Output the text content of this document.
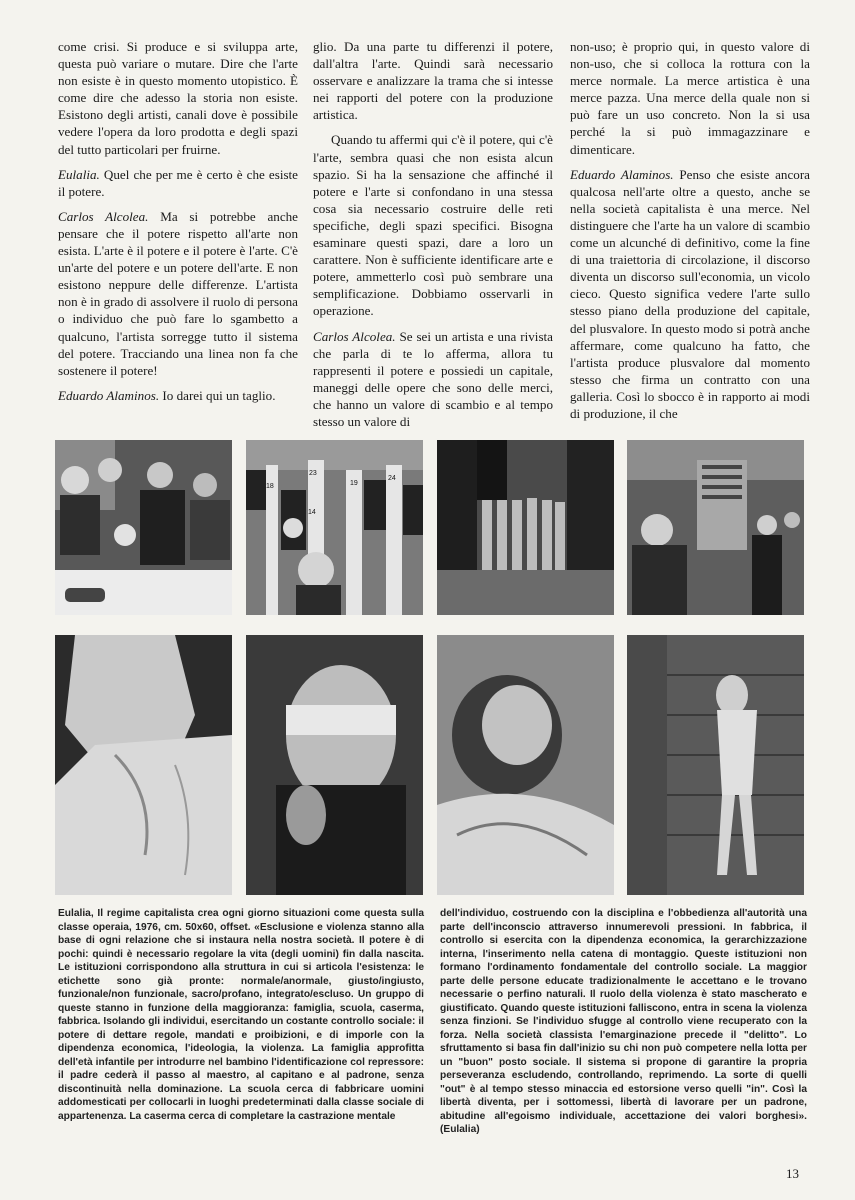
come crisi. Si produce e si sviluppa arte, questa può variare o mutare. Dire che l'arte non esiste è in questo momento utopistico. È come dire che adesso la storia non esiste. Esistono degli artisti, canali dove è possibile vedere l'opera da loro prodotta e degli spazi del tutto particolari per fruirne.

Eulalia. Quel che per me è certo è che esiste il potere.

Carlos Alcolea. Ma si potrebbe anche pensare che il potere rispetto all'arte non esista. L'arte è il potere e il potere è l'arte. C'è un'arte del potere e un potere dell'arte. E non esistono neppure delle differenze. L'artista non è in grado di assolvere il ruolo di persona o individuo che può fare lo sgambetto a qualcuno, l'artista sorregge tutto il sistema del potere. Tracciando una linea non fa che sostenere il potere!

Eduardo Alaminos. Io darei qui un taglio.

glio. Da una parte tu differenzi il potere, dall'altra l'arte. Quindi sarà necessario osservare e analizzare la trama che si intesse nei rapporti del potere con la produzione artistica.

Quando tu affermi qui c'è il potere, qui c'è l'arte, sembra quasi che non esista alcun spazio. Si ha la sensazione che affinché il potere e l'arte si confondano in una stessa cosa sia necessario costruire delle reti specifiche, degli spazi specifici. Bisogna esaminare questi spazi, dare a loro un carattere. Non è sufficiente identificare arte e potere, ammetterlo così può sembrare una semplificazione. Dobbiamo osservarli in operazione.

Carlos Alcolea. Se sei un artista e una rivista che parla di te lo afferma, allora tu rappresenti il potere e possiedi un capitale, maneggi delle opere che sono delle merci, che hanno un valore di scambio e al tempo stesso un valore di

non-uso; è proprio qui, in questo valore di non-uso, che si colloca la rottura con la merce normale. La merce artistica è una merce pazza. Una merce della quale non si può fare un uso concreto. Non la si usa perché la si può immagazzinare e dimenticare.

Eduardo Alaminos. Penso che esiste ancora qualcosa nell'arte oltre a questo, anche se nella società capitalista è una merce. Nel distinguere che l'arte ha un valore di scambio come un alcunché di definitivo, come la fine di una traiettoria di circolazione, il discorso diventa un discorso sull'economia, un vicolo cieco. Questo significa vedere l'arte sullo stesso piano della produzione del capitale, del plusvalore. In questo modo si potrà anche affermare, come qualcuno ha fatto, che l'artista produce plusvalore dal momento stesso che firma un contratto con una galleria. Così lo sbocco è in rapporto ai modi di produzione, il che

23
19
24
18
14
Eulalia, Il regime capitalista crea ogni giorno situazioni come questa sulla classe operaia, 1976, cm. 50x60, offset. «Esclusione e violenza stanno alla base di ogni relazione che si instaura nella nostra società. Il potere è di pochi: quindi è necessario regolare la vita (degli uomini) fin dalla nascita. Le istituzioni corrispondono alla struttura in cui si articola l'esistenza: le etichette sono già pronte: normale/anormale, giusto/ingiusto, funzionale/non funzionale, sacro/profano, integrato/escluso. Un gruppo di queste stanno in funzione della maggioranza: famiglia, scuola, caserma, fabbrica. Isolando gli individui, esercitando un costante controllo sociale: il potere di dettare regole, mandati e proibizioni, e di imporle con la dipendenza economica, l'ideologia, la violenza. La famiglia approfitta dell'età infantile per introdurre nel bambino l'identificazione col repressore: il padre cederà il passo al maestro, al capitano e al padrone, senza discontinuità nella dominazione. La scuola cerca di fabbricare uomini addomesticati per collocarli in luoghi predeterminati dalla classe sociale di appartenenza. La caserma cerca di completare la castrazione mentale
dell'individuo, costruendo con la disciplina e l'obbedienza all'autorità una parte dell'inconscio attraverso innumerevoli pressioni. In fabbrica, il controllo si esercita con la dipendenza economica, la gerarchizzazione interna, l'inserimento nella catena di montaggio. Queste istituzioni non formano l'ordinamento fondamentale del controllo sociale. La maggior parte delle persone educate tradizionalmente le accettano e le trovano necessarie o perfino naturali. Il ruolo della violenza è stato mascherato e giustificato. Quando queste istituzioni falliscono, entra in scena la violenza senza finzioni. Se l'individuo sfugge al controllo viene recuperato con la forza. Nella società classista l'emarginazione precede il "delitto". Lo sfruttamento si basa fin dall'inizio su chi non può competere nella lotta per un "buon" posto sociale. Il sistema si propone di garantire la propria perseveranza escludendo, controllando, reprimendo. La sorte di quelli "out" è al tempo stesso minaccia ed estorsione verso quelli "in". Così la libertà diventa, per i sottomessi, libertà di lavorare per un padrone, abitudine all'egoismo individuale, accettazione dei valori borghesi». (Eulalia)
13
